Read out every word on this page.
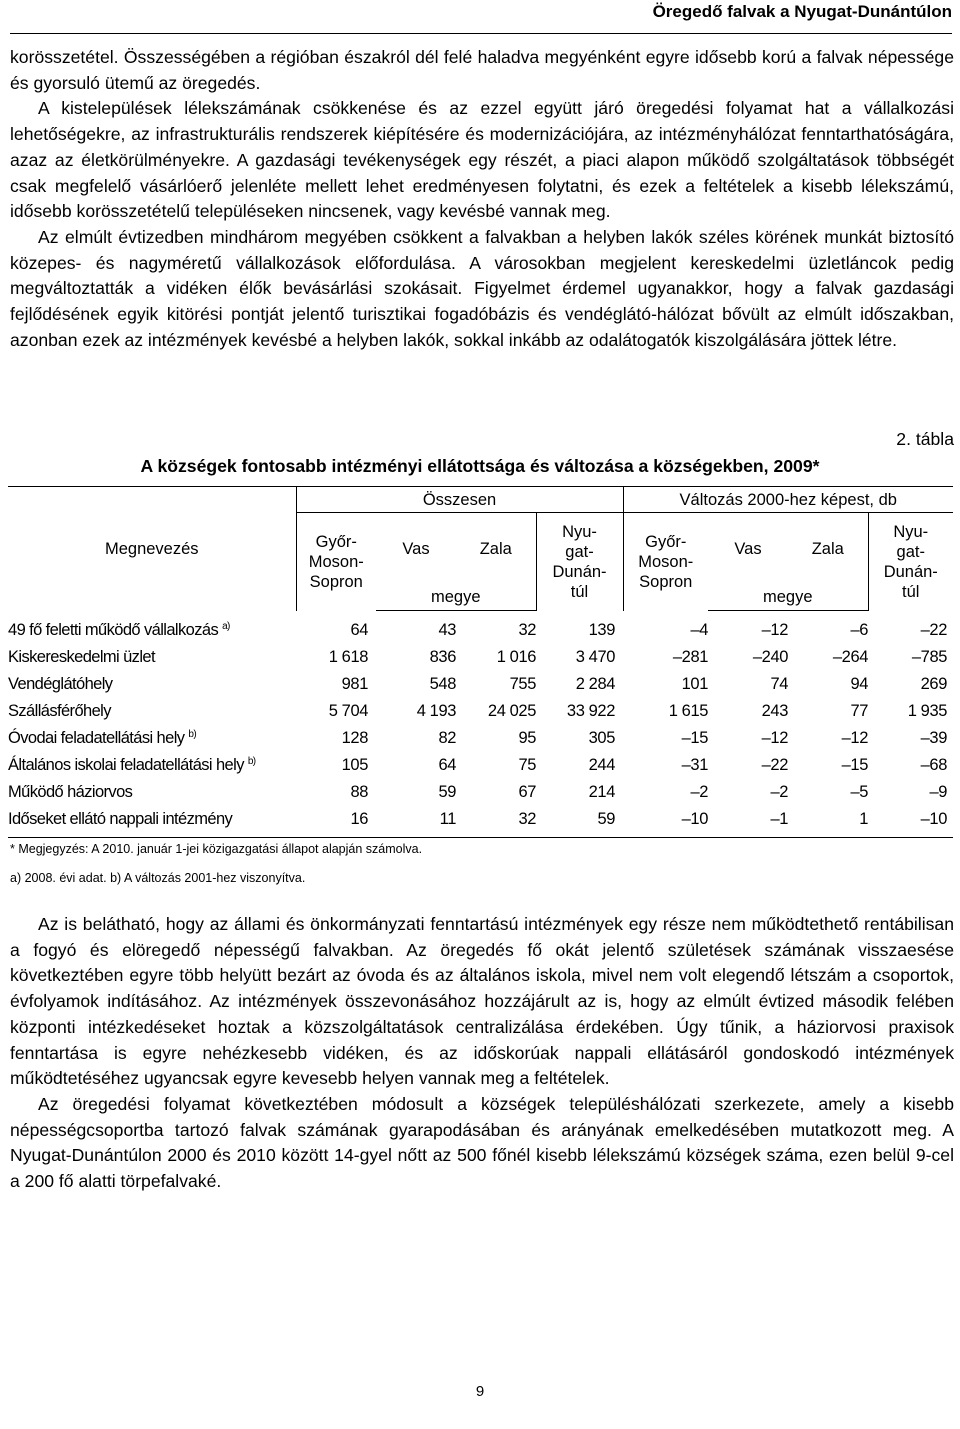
Öregedő falvak a Nyugat-Dunántúlon

korösszetétel. Összességében a régióban északról dél felé haladva megyénként egyre idősebb korú a falvak népessége és gyorsuló ütemű az öregedés.

A kistelepülések lélekszámának csökkenése és az ezzel együtt járó öregedési folyamat hat a vállalkozási lehetőségekre, az infrastrukturális rendszerek kiépítésére és modernizációjára, az intézményhálózat fenntarthatóságára, azaz az életkörülményekre. A gazdasági tevékenységek egy részét, a piaci alapon működő szolgáltatások többségét csak megfelelő vásárlóerő jelenléte mellett lehet eredményesen folytatni, és ezek a feltételek a kisebb lélekszámú, idősebb korösszetételű településeken nincsenek, vagy kevésbé vannak meg.

Az elmúlt évtizedben mindhárom megyében csökkent a falvakban a helyben lakók széles körének munkát biztosító közepes- és nagyméretű vállalkozások előfordulása. A városokban megjelent kereskedelmi üzletláncok pedig megváltoztatták a vidéken élők bevásárlási szokásait. Figyelmet érdemel ugyanakkor, hogy a falvak gazdasági fejlődésének egyik kitörési pontját jelentő turisztikai fogadóbázis és vendéglátó-hálózat bővült az elmúlt időszakban, azonban ezek az intézmények kevésbé a helyben lakók, sokkal inkább az odalátogatók kiszolgálására jöttek létre.

2. tábla
A községek fontosabb intézményi ellátottsága és változása a községekben, 2009*
Megnevezés	Összesen				Változás 2000-hez képest, db			
	Győr-
Moson-
Sopron	Vas	Zala	Nyu-
gat-
Dunán-
túl	Győr-
Moson-
Sopron	Vas	Zala	Nyu-
gat-
Dunán-
túl
		megye				megye		
49 fő feletti működő vállalkozás $^{a)}$	64	43	32	139	–4	–12	–6	–22
Kiskereskedelmi üzlet	1 618	836	1 016	3 470	–281	–240	–264	–785
Vendéglátóhely	981	548	755	2 284	101	74	94	269
Szállásférőhely	5 704	4 193	24 025	33 922	1 615	243	77	1 935
Óvodai feladatellátási hely $^{b)}$	128	82	95	305	–15	–12	–12	–39
Általános iskolai feladatellátási hely $^{b)}$	105	64	75	244	–31	–22	–15	–68
Működő háziorvos	88	59	67	214	–2	–2	–5	–9
Időseket ellátó nappali intézmény	16	11	32	59	–10	–1	1	–10
* Megjegyzés: A 2010. január 1-jei közigazgatási állapot alapján számolva.
a) 2008. évi adat. b) A változás 2001-hez viszonyítva.

Az is belátható, hogy az állami és önkormányzati fenntartású intézmények egy része nem működtethető rentábilisan a fogyó és elöregedő népességű falvakban. Az öregedés fő okát jelentő születések számának visszaesése következtében egyre több helyütt bezárt az óvoda és az általános iskola, mivel nem volt elegendő létszám a csoportok, évfolyamok indításához. Az intézmények összevonásához hozzájárult az is, hogy az elmúlt évtized második felében központi intézkedéseket hoztak a közszolgáltatások centralizálása érdekében. Úgy tűnik, a háziorvosi praxisok fenntartása is egyre nehézkesebb vidéken, és az időskorúak nappali ellátásáról gondoskodó intézmények működtetéséhez ugyancsak egyre kevesebb helyen vannak meg a feltételek.

Az öregedési folyamat következtében módosult a községek településhálózati szerkezete, amely a kisebb népességcsoportba tartozó falvak számának gyarapodásában és arányának emelkedésében mutatkozott meg. A Nyugat-Dunántúlon 2000 és 2010 között 14-gyel nőtt az 500 főnél kisebb lélekszámú községek száma, ezen belül 9-cel a 200 fő alatti törpefalvaké.

9
